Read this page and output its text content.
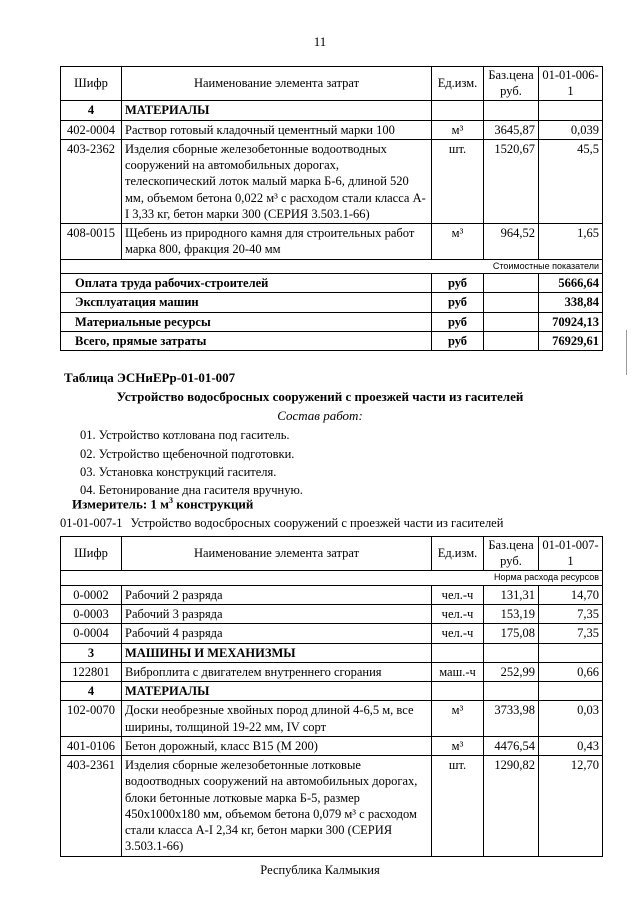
11
Шифр	Наименование элемента затрат	Ед.изм.	Баз.цена руб.	01-01-006-1
4	МАТЕРИАЛЫ			
402-0004	Раствор готовый кладочный цементный марки 100	м³	3645,87	0,039
403-2362	Изделия сборные железобетонные водоотводных сооружений на автомобильных дорогах, телескопический лоток малый марка Б-6, длиной 520 мм, объемом бетона 0,022 м³ с расходом стали класса А-I 3,33 кг, бетон марки 300 (СЕРИЯ 3.503.1-66)	шт.	1520,67	45,5
408-0015	Щебень из природного камня для строительных работ марка 800, фракция 20-40 мм	м³	964,52	1,65
Стоимостные показатели				
Оплата труда рабочих-строителей		руб		5666,64
Эксплуатация машин		руб		338,84
Материальные ресурсы		руб		70924,13
Всего, прямые затраты		руб		76929,61
Таблица ЭСНиЕРр-01-01-007
Устройство водосбросных сооружений с проезжей части из гасителей
Состав работ:
01. Устройство котлована под гаситель.
02. Устройство щебеночной подготовки.
03. Установка конструкций гасителя.
04. Бетонирование дна гасителя вручную.
Измеритель: 1 $м^3$ конструкций
01-01-007-1 Устройство водосбросных сооружений с проезжей части из гасителей
Шифр	Наименование элемента затрат	Ед.изм.	Баз.цена руб.	01-01-007-1
Норма расхода ресурсов				
0-0002	Рабочий 2 разряда	чел.-ч	131,31	14,70
0-0003	Рабочий 3 разряда	чел.-ч	153,19	7,35
0-0004	Рабочий 4 разряда	чел.-ч	175,08	7,35
3	МАШИНЫ И МЕХАНИЗМЫ			
122801	Виброплита с двигателем внутреннего сгорания	маш.-ч	252,99	0,66
4	МАТЕРИАЛЫ			
102-0070	Доски необрезные хвойных пород длиной 4-6,5 м, все ширины, толщиной 19-22 мм, IV сорт	м³	3733,98	0,03
401-0106	Бетон дорожный, класс В15 (М 200)	м³	4476,54	0,43
403-2361	Изделия сборные железобетонные лотковые водоотводных сооружений на автомобильных дорогах, блоки бетонные лотковые марка Б-5, размер 450х1000х180 мм, объемом бетона 0,079 м³ с расходом стали класса А-I 2,34 кг, бетон марки 300 (СЕРИЯ 3.503.1-66)	шт.	1290,82	12,70
Республика Калмыкия
